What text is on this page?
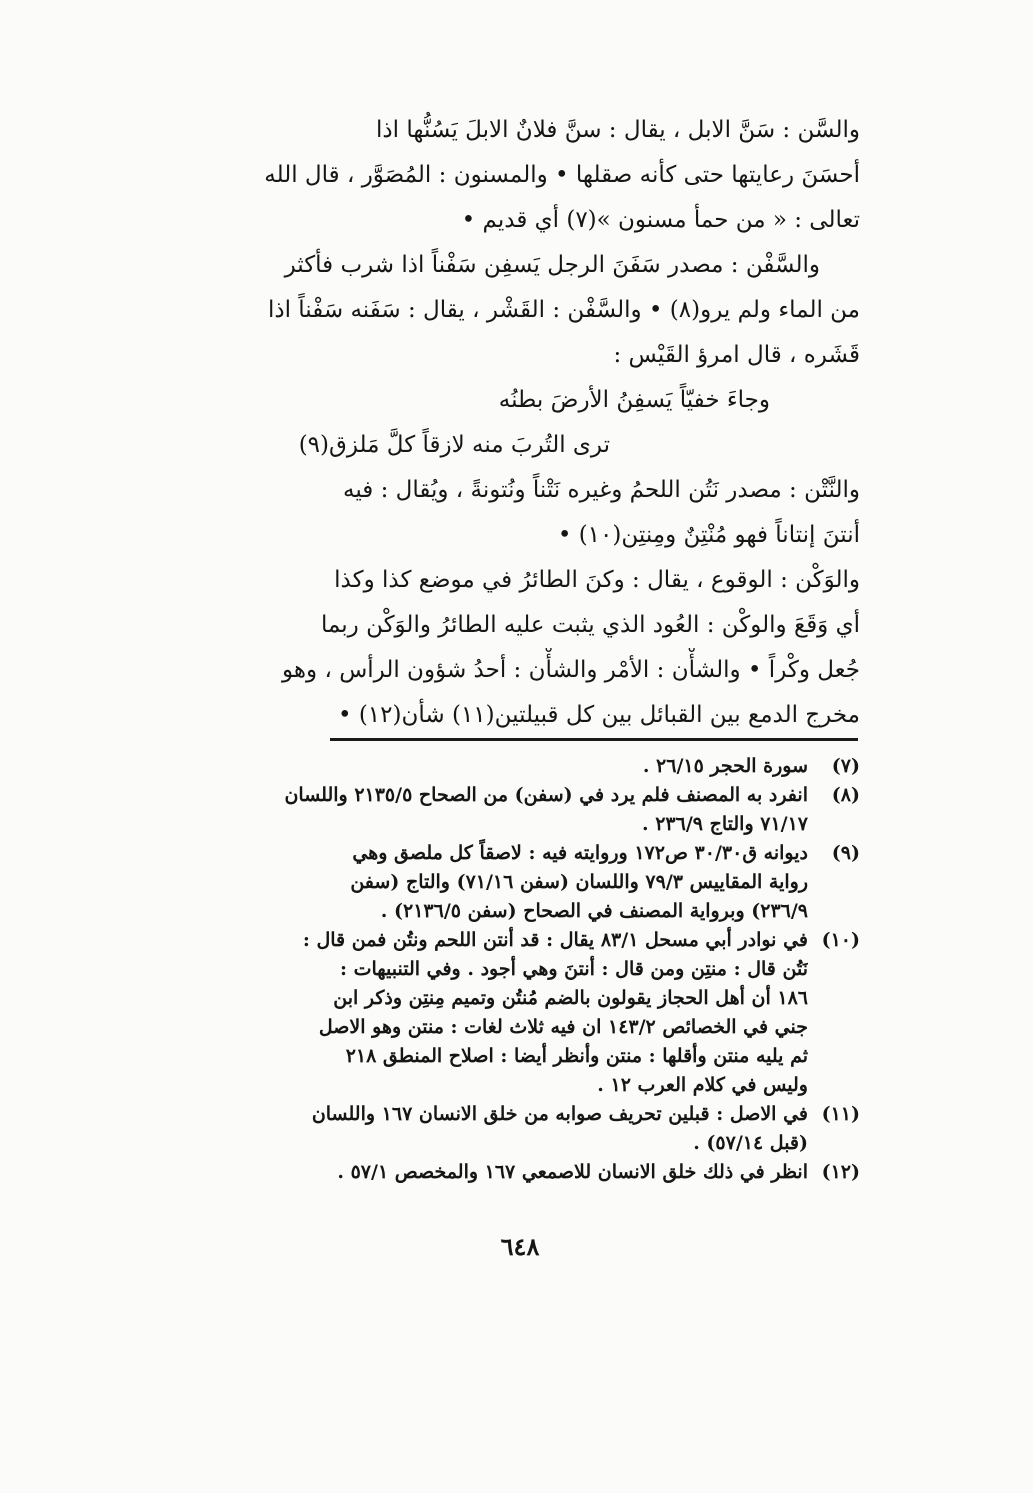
والسَّن : سَنَّ الابل ، يقال : سنَّ فلانٌ الابلَ يَسُنُّها اذا
أحسَنَ رعايتها حتى كأنه صقلها • والمسنون : المُصَوَّر ، قال الله
تعالى : « من حمأ مسنون »(٧) أي قديم •
والسَّفْن : مصدر سَفَنَ الرجل يَسفِن سَفْناً اذا شرب فأكثر
من الماء ولم يرو(٨) • والسَّفْن : القَشْر ، يقال : سَفَنه سَفْناً اذا
قَشَره ، قال امرؤ القَيْس :
وجاءَ خفيّاً يَسفِنُ الأرضَ بطنُه
ترى التُربَ منه لازقاً كلَّ مَلزق(٩)
والنَّتْن : مصدر نَتُن اللحمُ وغيره نَتْناً ونُتونةً ، ويُقال : فيه
أنتنَ إنتاناً فهو مُنْتِنٌ ومِنتِن(١٠) •
والوَكْن : الوقوع ، يقال : وكنَ الطائرُ في موضع كذا وكذا
أي وَقَعَ والوكْن : العُود الذي يثبت عليه الطائرُ والوَكْن ربما
جُعل وكْراً • والشأْن : الأمْر والشأْن : أحدُ شؤون الرأس ، وهو
مخرج الدمع بين القبائل بين كل قبيلتين(١١) شأن(١٢) •
(٧)
سورة الحجر ٢٦/١٥ .
(٨)
انفرد به المصنف فلم يرد في (سفن) من الصحاح ٢١٣٥/٥ واللسان
٧١/١٧ والتاج ٢٣٦/٩ .
(٩)
ديوانه ق٣٠/٣٠ ص١٧٢ وروايته فيه : لاصقاً كل ملصق وهي
رواية المقاييس ٧٩/٣ واللسان (سفن ٧١/١٦) والتاج (سفن
٢٣٦/٩) وبرواية المصنف في الصحاح (سفن ٢١٣٦/٥) .
(١٠)
في نوادر أبي مسحل ٨٣/١ يقال : قد أنتن اللحم ونتُن فمن قال :
نَتُن قال : منتِن ومن قال : أنتنَ وهي أجود . وفي التنبيهات :
١٨٦ أن أهل الحجاز يقولون بالضم مُنتُن وتميم مِنتِن وذكر ابن
جني في الخصائص ١٤٣/٢ ان فيه ثلاث لغات : منتن وهو الاصل
ثم يليه منتن وأقلها : منتن وأنظر أيضا : اصلاح المنطق ٢١٨
وليس في كلام العرب ١٢ .
(١١)
في الاصل : قبلين تحريف صوابه من خلق الانسان ١٦٧ واللسان
(قبل ٥٧/١٤) .
(١٢)
انظر في ذلك خلق الانسان للاصمعي ١٦٧ والمخصص ٥٧/١ .
٦٤٨
